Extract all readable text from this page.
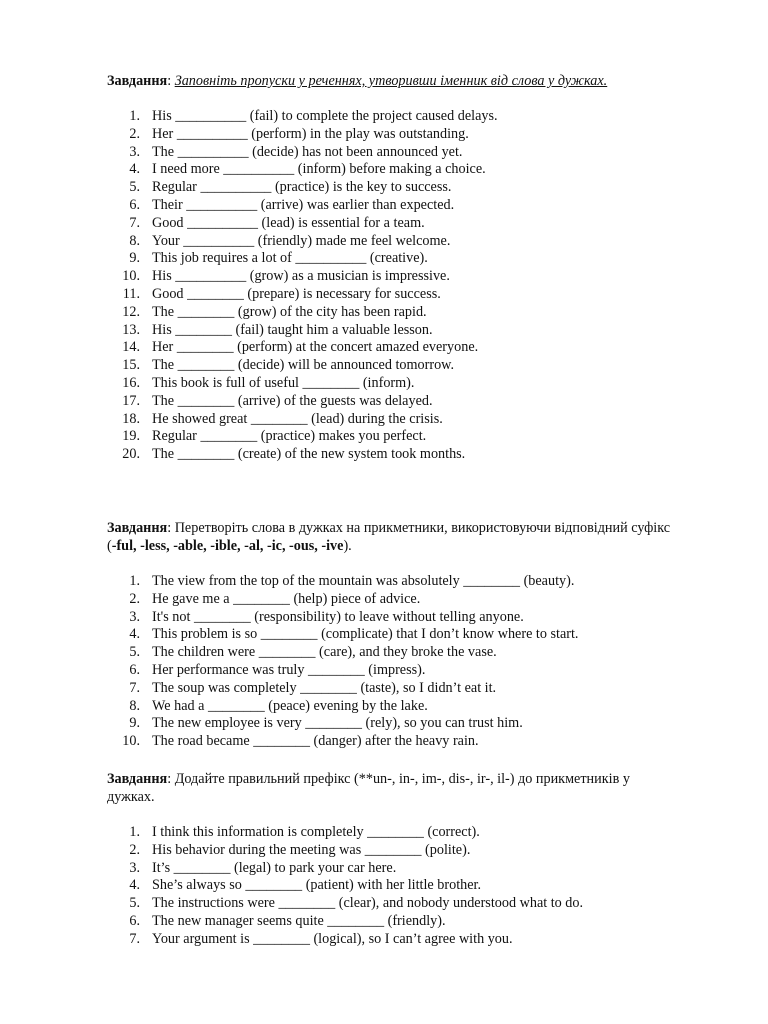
Завдання: Заповніть пропуски у реченнях, утворивши іменник від слова у дужках.

1. His __________ (fail) to complete the project caused delays.
2. Her __________ (perform) in the play was outstanding.
3. The __________ (decide) has not been announced yet.
4. I need more __________ (inform) before making a choice.
5. Regular __________ (practice) is the key to success.
6. Their __________ (arrive) was earlier than expected.
7. Good __________ (lead) is essential for a team.
8. Your __________ (friendly) made me feel welcome.
9. This job requires a lot of __________ (creative).
10. His __________ (grow) as a musician is impressive.
11. Good ________ (prepare) is necessary for success.
12. The ________ (grow) of the city has been rapid.
13. His ________ (fail) taught him a valuable lesson.
14. Her ________ (perform) at the concert amazed everyone.
15. The ________ (decide) will be announced tomorrow.
16. This book is full of useful ________ (inform).
17. The ________ (arrive) of the guests was delayed.
18. He showed great ________ (lead) during the crisis.
19. Regular ________ (practice) makes you perfect.
20. The ________ (create) of the new system took months.

Завдання: Перетворіть слова в дужках на прикметники, використовуючи відповідний суфікс
(-ful, -less, -able, -ible, -al, -ic, -ous, -ive).

1. The view from the top of the mountain was absolutely ________ (beauty).
2. He gave me a ________ (help) piece of advice.
3. It's not ________ (responsibility) to leave without telling anyone.
4. This problem is so ________ (complicate) that I don’t know where to start.
5. The children were ________ (care), and they broke the vase.
6. Her performance was truly ________ (impress).
7. The soup was completely ________ (taste), so I didn’t eat it.
8. We had a ________ (peace) evening by the lake.
9. The new employee is very ________ (rely), so you can trust him.
10. The road became ________ (danger) after the heavy rain.

Завдання: Додайте правильний префікс (**un-, in-, im-, dis-, ir-, il-) до прикметників у
дужках.

1. I think this information is completely ________ (correct).
2. His behavior during the meeting was ________ (polite).
3. It’s ________ (legal) to park your car here.
4. She’s always so ________ (patient) with her little brother.
5. The instructions were ________ (clear), and nobody understood what to do.
6. The new manager seems quite ________ (friendly).
7. Your argument is ________ (logical), so I can’t agree with you.
